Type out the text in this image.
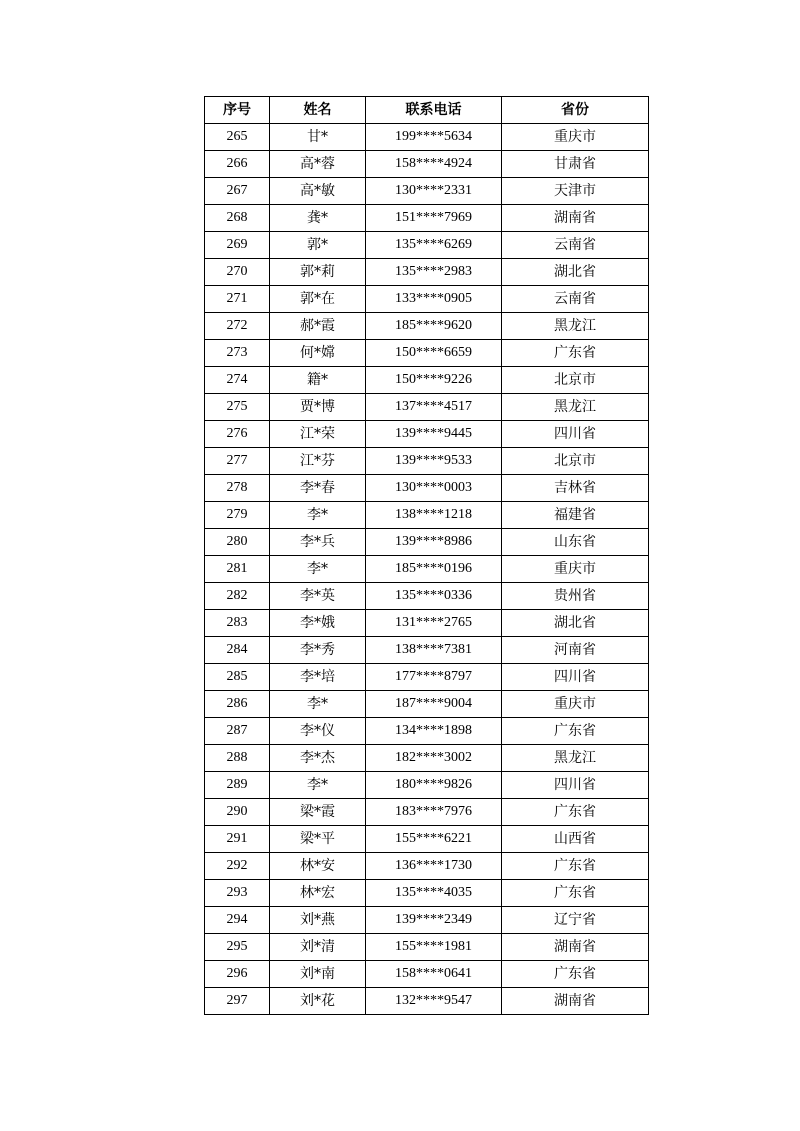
序号	姓名	联系电话	省份
265	甘*	199****5634	重庆市
266	高*蓉	158****4924	甘肃省
267	高*敏	130****2331	天津市
268	龚*	151****7969	湖南省
269	郭*	135****6269	云南省
270	郭*莉	135****2983	湖北省
271	郭*在	133****0905	云南省
272	郝*霞	185****9620	黑龙江
273	何*嫦	150****6659	广东省
274	籍*	150****9226	北京市
275	贾*博	137****4517	黑龙江
276	江*荣	139****9445	四川省
277	江*芬	139****9533	北京市
278	李*春	130****0003	吉林省
279	李*	138****1218	福建省
280	李*兵	139****8986	山东省
281	李*	185****0196	重庆市
282	李*英	135****0336	贵州省
283	李*娥	131****2765	湖北省
284	李*秀	138****7381	河南省
285	李*培	177****8797	四川省
286	李*	187****9004	重庆市
287	李*仪	134****1898	广东省
288	李*杰	182****3002	黑龙江
289	李*	180****9826	四川省
290	梁*霞	183****7976	广东省
291	梁*平	155****6221	山西省
292	林*安	136****1730	广东省
293	林*宏	135****4035	广东省
294	刘*燕	139****2349	辽宁省
295	刘*清	155****1981	湖南省
296	刘*南	158****0641	广东省
297	刘*花	132****9547	湖南省
